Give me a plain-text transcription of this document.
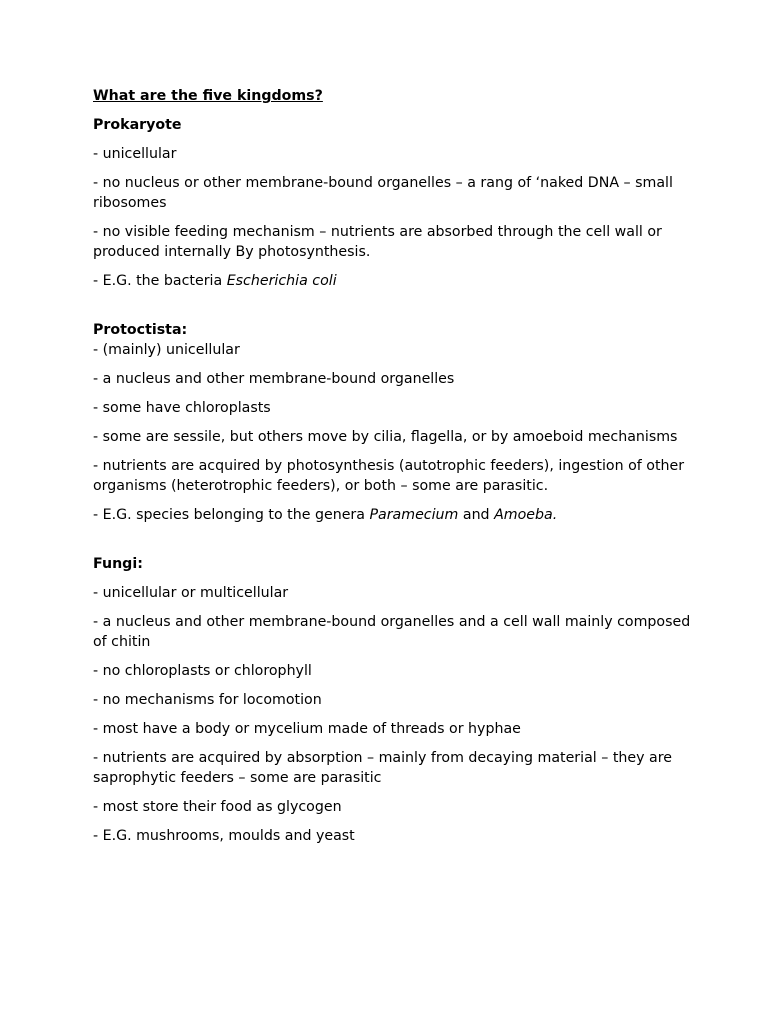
What are the five kingdoms?

Prokaryote

- unicellular

- no nucleus or other membrane-bound organelles – a rang of ‘naked DNA – small ribosomes

- no visible feeding mechanism – nutrients are absorbed through the cell wall or produced internally By photosynthesis.

- E.G. the bacteria Escherichia coli

Protoctista:

- (mainly) unicellular

- a nucleus and other membrane-bound organelles

- some have chloroplasts

- some are sessile, but others move by cilia, flagella, or by amoeboid mechanisms

- nutrients are acquired by photosynthesis (autotrophic feeders), ingestion of other organisms (heterotrophic feeders), or both – some are parasitic.

- E.G. species belonging to the genera Paramecium and Amoeba.

Fungi:

- unicellular or multicellular

- a nucleus and other membrane-bound organelles and a cell wall mainly composed of chitin

- no chloroplasts or chlorophyll

- no mechanisms for locomotion

- most have a body or mycelium made of threads or hyphae

- nutrients are acquired by absorption – mainly from decaying material – they are saprophytic feeders – some are parasitic

- most store their food as glycogen

- E.G. mushrooms, moulds and yeast
